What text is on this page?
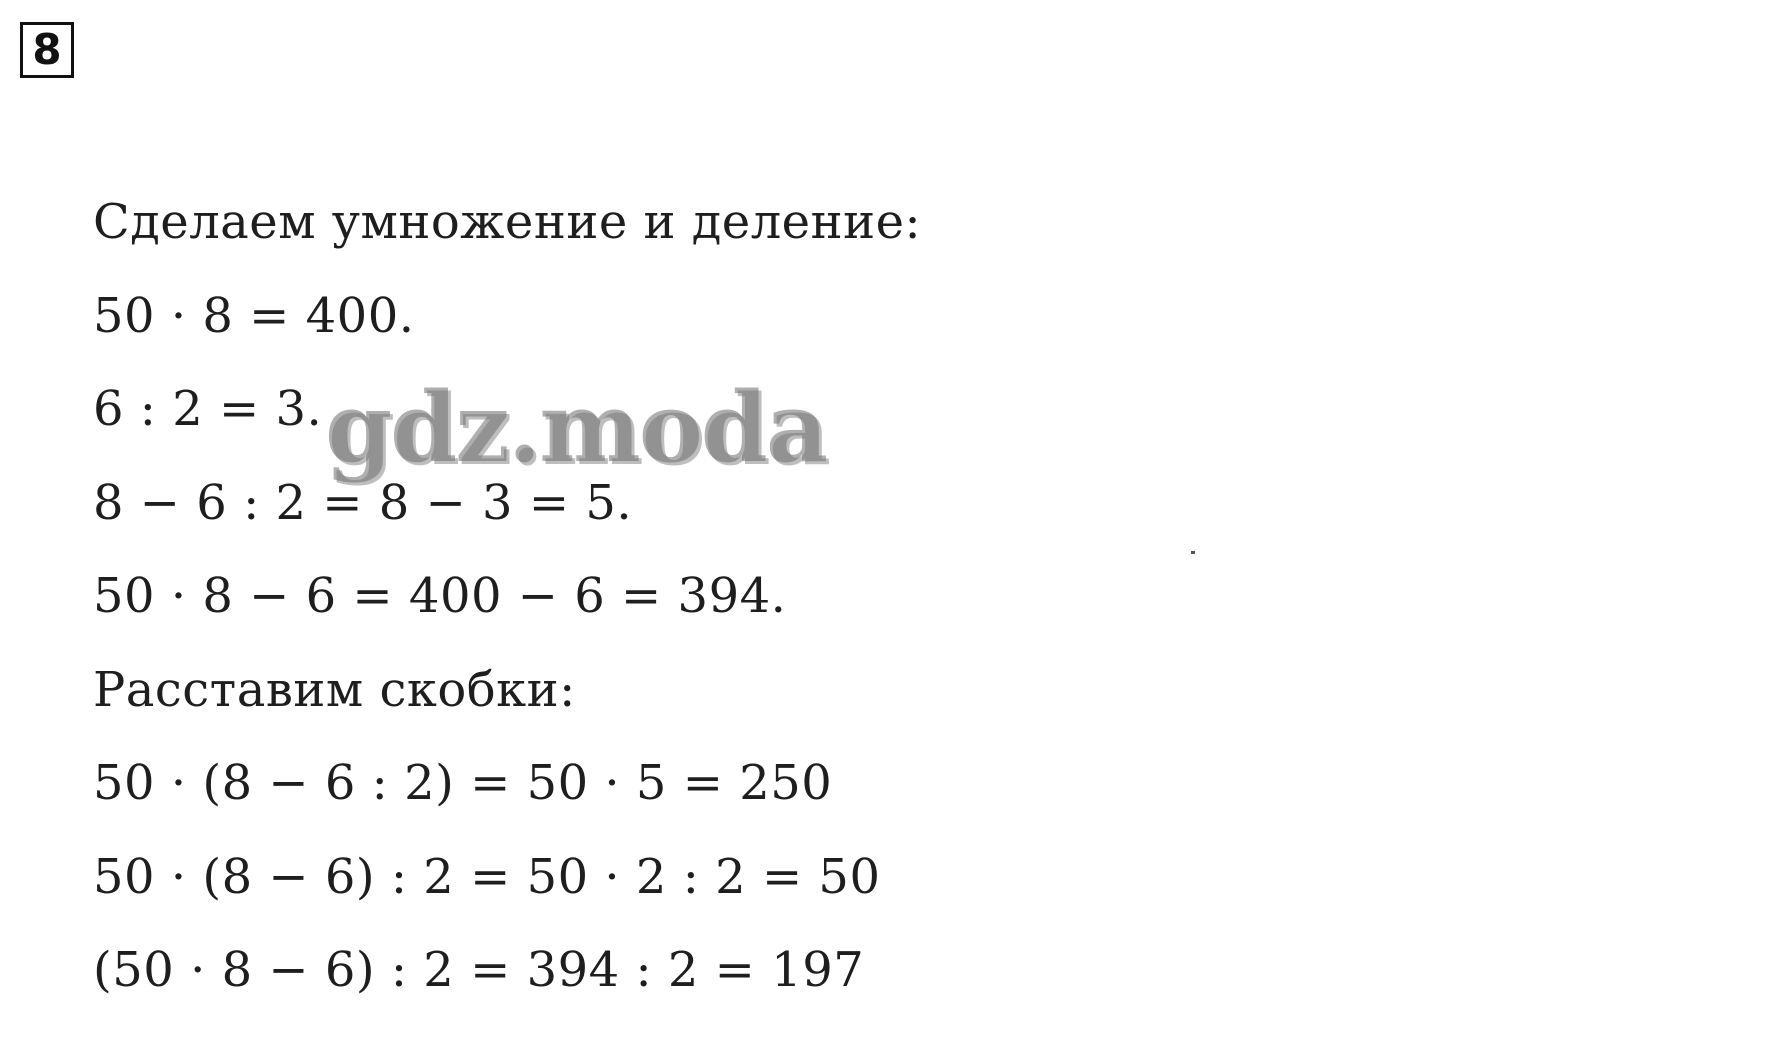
8
Сделаем умножение и деление:
50 · 8 = 400.
6 : 2 = 3.
8 − 6 : 2 = 8 − 3 = 5.
50 · 8 − 6 = 400 − 6 = 394.
Расставим скобки:
50 · (8 − 6 : 2) = 50 · 5 = 250
50 · (8 − 6) : 2 = 50 · 2 : 2 = 50
(50 · 8 − 6) : 2 = 394 : 2 = 197
gdz.moda
